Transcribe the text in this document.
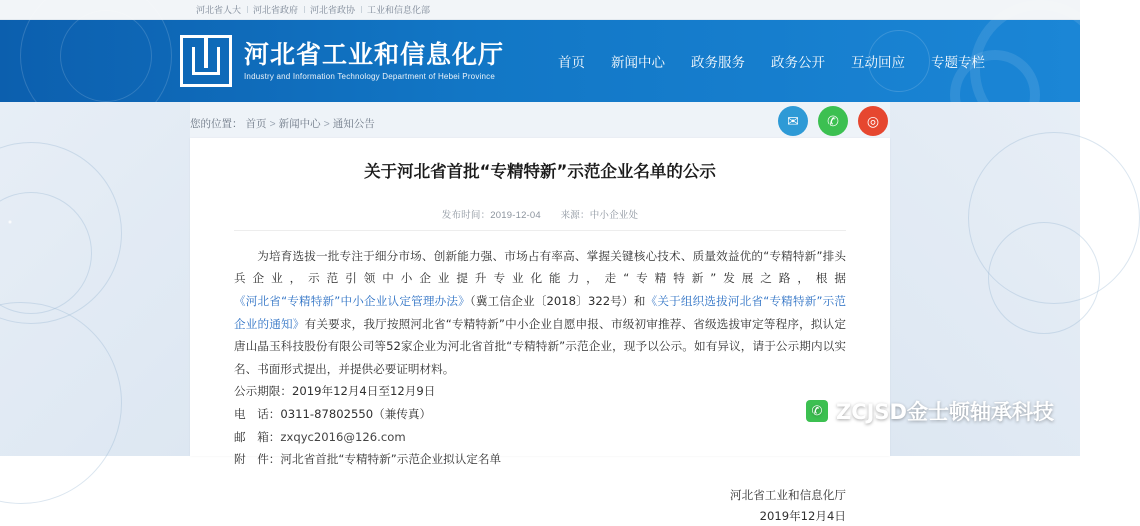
河北省人大	河北省政府	河北省政协	工业和信息化部
河北省工业和信息化厅
Industry and Information Technology Department of Hebei Province
首页 新闻中心 政务服务 政务公开 互动回应 专题专栏
您的位置： 首页 > 新闻中心 > 通知公告	✉	✆	◎
关于河北省首批“专精特新”示范企业名单的公示
发布时间：2019-12-04 来源：中小企业处
为培育选拔一批专注于细分市场、创新能力强、市场占有率高、掌握关键核心技术、质量效益优的“专精特新”排头兵企业，示范引领中小企业提升专业化能力，走“专精特新”发展之路，根据《河北省“专精特新”中小企业认定管理办法》（冀工信企业〔2018〕322号）和《关于组织选拔河北省“专精特新”示范企业的通知》有关要求，我厅按照河北省“专精特新”中小企业自愿申报、市级初审推荐、省级选拔审定等程序，拟认定唐山晶玉科技股份有限公司等52家企业为河北省首批“专精特新”示范企业，现予以公示。如有异议，请于公示期内以实名、书面形式提出，并提供必要证明材料。
公示期限：2019年12月4日至12月9日
电　话：0311-87802550（兼传真）
邮　箱：zxqyc2016@126.com
附　件：河北省首批“专精特新”示范企业拟认定名单
河北省工业和信息化厅
2019年12月4日
✆ ZCJSD金士顿轴承科技
